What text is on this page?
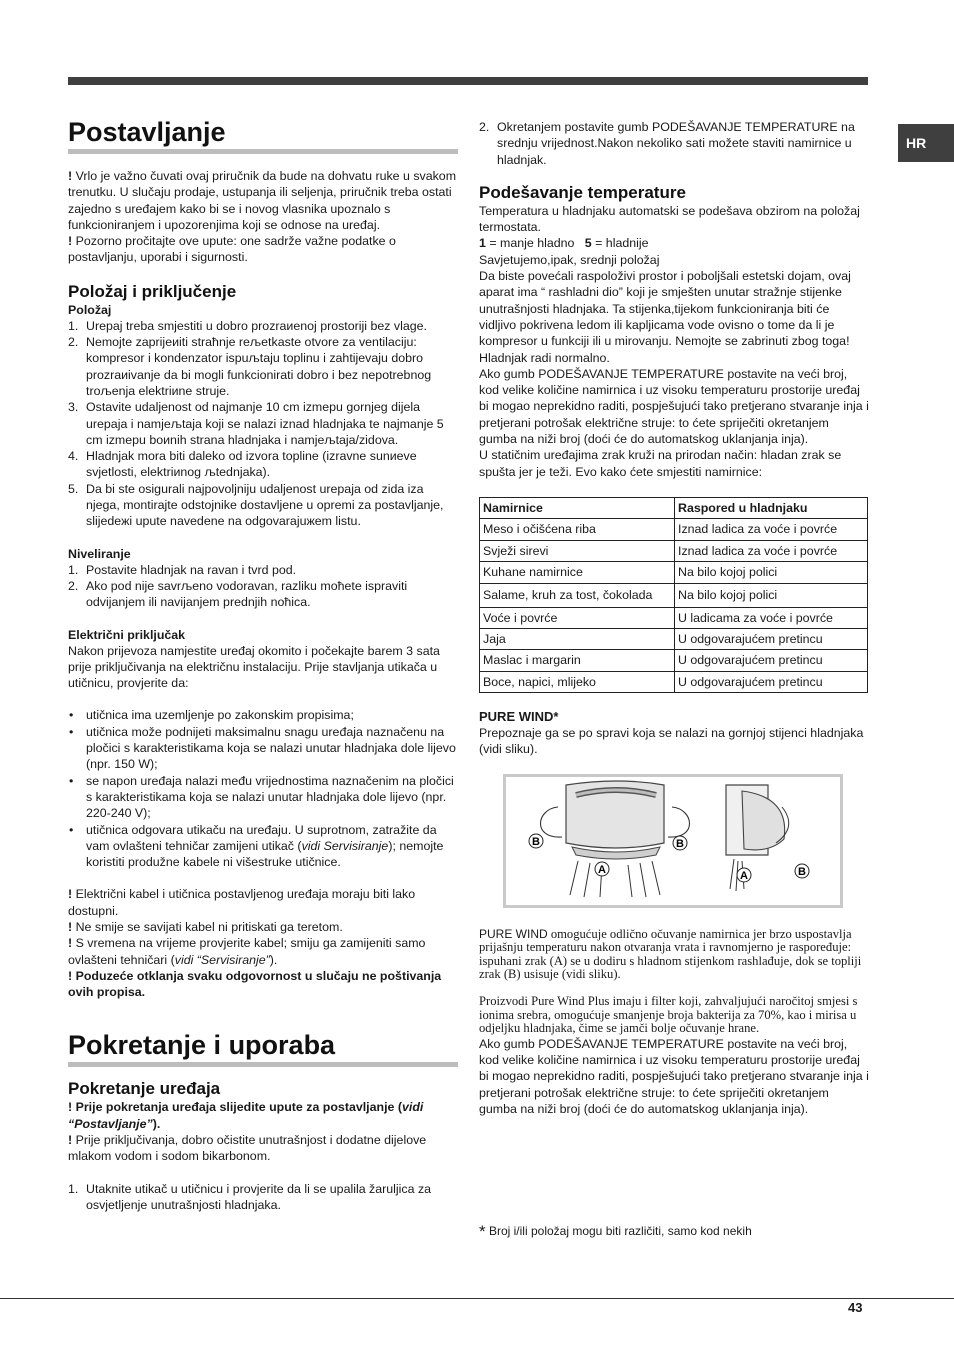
HR
Postavljanje

! Vrlo je važno čuvati ovaj priručnik da bude na dohvatu ruke u svakom trenutku. U slučaju prodaje, ustupanja ili seljenja, priručnik treba ostati zajedno s uređajem kako bi se i novog vlasnika upoznalo s funkcioniranjem i upozorenjima koji se odnose na uređaj.

! Pozorno pročitajte ove upute: one sadrže važne podatke o postavljanju, uporabi i sigurnosti.

Položaj i priključenje
Položaj
1. Urepaj treba smjestiti u dobro prozraиenoj prostoriji bez vlage.
2. Nemojte zaprijeиiti straћnje reљetkaste otvore za ventilaciju: kompresor i kondenzator ispuљtaju toplinu i zahtijevaju dobro prozraиivanje da bi mogli funkcionirati dobro i bez nepotrebnog troљenja elektriиne struje.
3. Ostavite udaljenost od najmanje 10 cm izmepu gornjeg dijela urepaja i namjeљtaja koji se nalazi iznad hladnjaka te najmanje 5 cm izmepu boиnih strana hladnjaka i namjeљtaja/zidova.
4. Hladnjak mora biti daleko od izvora topline (izravne sunиeve svjetlosti, elektriиnog љtednjaka).
5. Da bi ste osigurali najpovoljniju udaljenost urepaja od zida iza njega, montirajte odstojnike dostavljene u opremi za postavljanje, slijedeжi upute navedene na odgovarajuжem listu.
Niveliranje
1. Postavite hladnjak na ravan i tvrd pod.
2. Ako pod nije savrљeno vodoravan, razliku moћete ispraviti odvijanjem ili navijanjem prednjih noћica.
Električni priključak

Nakon prijevoza namjestite uređaj okomito i počekajte barem 3 sata prije priključivanja na električnu instalaciju. Prije stavljanja utikača u utičnicu, provjerite da:

• utičnica ima uzemljenje po zakonskim propisima;
• utičnica može podnijeti maksimalnu snagu uređaja naznačenu na pločici s karakteristikama koja se nalazi unutar hladnjaka dole lijevo (npr. 150 W);
• se napon uređaja nalazi među vrijednostima naznačenim na pločici s karakteristikama koja se nalazi unutar hladnjaka dole lijevo (npr. 220-240 V);
• utičnica odgovara utikaču na uređaju. U suprotnom, zatražite da vam ovlašteni tehničar zamijeni utikač (vidi Servisiranje); nemojte koristiti produžne kabele ni višestruke utičnice.

! Električni kabel i utičnica postavljenog uređaja moraju biti lako dostupni.

! Ne smije se savijati kabel ni pritiskati ga teretom.

! S vremena na vrijeme provjerite kabel; smiju ga zamijeniti samo ovlašteni tehničari (vidi “Servisiranje”).

! Poduzeće otklanja svaku odgovornost u slučaju ne poštivanja ovih propisa.

Pokretanje i uporaba
Pokretanje uređaja

! Prije pokretanja uređaja slijedite upute za postavljanje (vidi “Postavljanje”).

! Prije priključivanja, dobro očistite unutrašnjost i dodatne dijelove mlakom vodom i sodom bikarbonom.

1. Utaknite utikač u utičnicu i provjerite da li se upalila žaruljica za osvjetljenje unutrašnjosti hladnjaka.
2. Okretanjem postavite gumb PODEŠAVANJE TEMPERATURE na srednju vrijednost.Nakon nekoliko sati možete staviti namirnice u hladnjak.
Podešavanje temperature

Temperatura u hladnjaku automatski se podešava obzirom na položaj termostata.

1 = manje hladno 5 = hladnije

Savjetujemo,ipak, srednji položaj

Da biste povećali raspoloživi prostor i poboljšali estetski dojam, ovaj aparat ima “ rashladni dio” koji je smješten unutar stražnje stijenke unutrašnjosti hladnjaka. Ta stijenka,tijekom funkcioniranja biti će vidljivo pokrivena ledom ili kapljicama vode ovisno o tome da li je kompresor u funkciji ili u mirovanju. Nemojte se zabrinuti zbog toga! Hladnjak radi normalno.

Ako gumb PODEŠAVANJE TEMPERATURE postavite na veći broj, kod velike količine namirnica i uz visoku temperaturu prostorije uređaj bi mogao neprekidno raditi, pospješujući tako pretjerano stvaranje inja i pretjerani potrošak električne struje: to ćete spriječiti okretanjem gumba na niži broj (doći će do automatskog uklanjanja inja).

U statičnim uređajima zrak kruži na prirodan način: hladan zrak se spušta jer je teži. Evo kako ćete smjestiti namirnice:

Namirnice	Raspored u hladnjaku
Meso i očišćena riba	Iznad ladica za voće i povrće
Svježi sirevi	Iznad ladica za voće i povrće
Kuhane namirnice	Na bilo kojoj polici
Salame, kruh za tost, čokolada	Na bilo kojoj polici
Voće i povrće	U ladicama za voće i povrće
Jaja	U odgovarajućem pretincu
Maslac i margarin	U odgovarajućem pretincu
Boce, napici, mlijeko	U odgovarajućem pretincu
PURE WIND*

Prepoznaje ga se po spravi koja se nalazi na gornjoj stijenci hladnjaka (vidi sliku).

B	B
A	A	B

PURE WIND omogućuje odlično očuvanje namirnica jer brzo uspostavlja prijašnju temperaturu nakon otvaranja vrata i ravnomjerno je raspoređuje: ispuhani zrak (A) se u dodiru s hladnom stijenkom rashlađuje, dok se topliji zrak (B) usisuje (vidi sliku).

Proizvodi Pure Wind Plus imaju i filter koji, zahvaljujući naročitoj smjesi s ionima srebra, omogućuje smanjenje broja bakterija za 70%, kao i mirisa u odjeljku hladnjaka, čime se jamči bolje očuvanje hrane.

Ako gumb PODEŠAVANJE TEMPERATURE postavite na veći broj, kod velike količine namirnica i uz visoku temperaturu prostorije uređaj bi mogao neprekidno raditi, pospješujući tako pretjerano stvaranje inja i pretjerani potrošak električne struje: to ćete spriječiti okretanjem gumba na niži broj (doći će do automatskog uklanjanja inja).

* Broj i/ili položaj mogu biti različiti, samo kod nekih

43
